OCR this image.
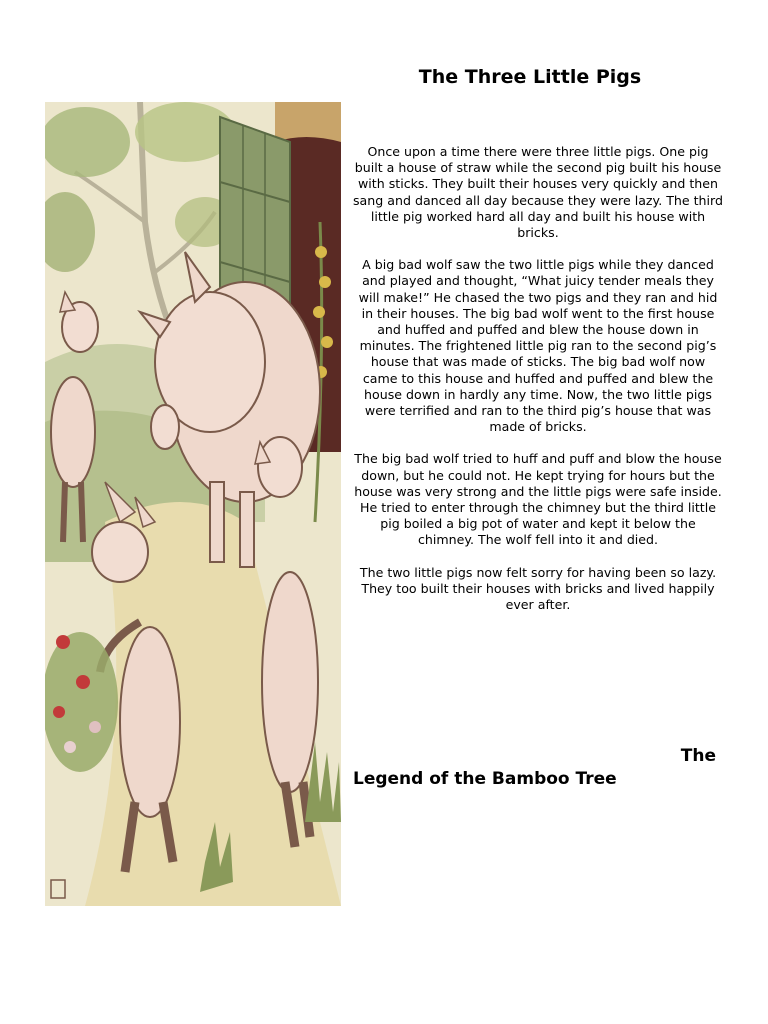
The Three Little Pigs

Once upon a time there were three little pigs. One pig built a house of straw while the second pig built his house with sticks. They built their houses very quickly and then sang and danced all day because they were lazy. The third little pig worked hard all day and built his house with bricks.

A big bad wolf saw the two little pigs while they danced and played and thought, “What juicy tender meals they will make!” He chased the two pigs and they ran and hid in their houses. The big bad wolf went to the first house and huffed and puffed and blew the house down in minutes. The frightened little pig ran to the second pig’s house that was made of sticks. The big bad wolf now came to this house and huffed and puffed and blew the house down in hardly any time. Now, the two little pigs were terrified and ran to the third pig’s house that was made of bricks.

The big bad wolf tried to huff and puff and blow the house down, but he could not. He kept trying for hours but the house was very strong and the little pigs were safe inside. He tried to enter through the chimney but the third little pig boiled a big pot of water and kept it below the chimney. The wolf fell into it and died.

The two little pigs now felt sorry for having been so lazy. They too built their houses with bricks and lived happily ever after.

The
Legend of the Bamboo Tree
